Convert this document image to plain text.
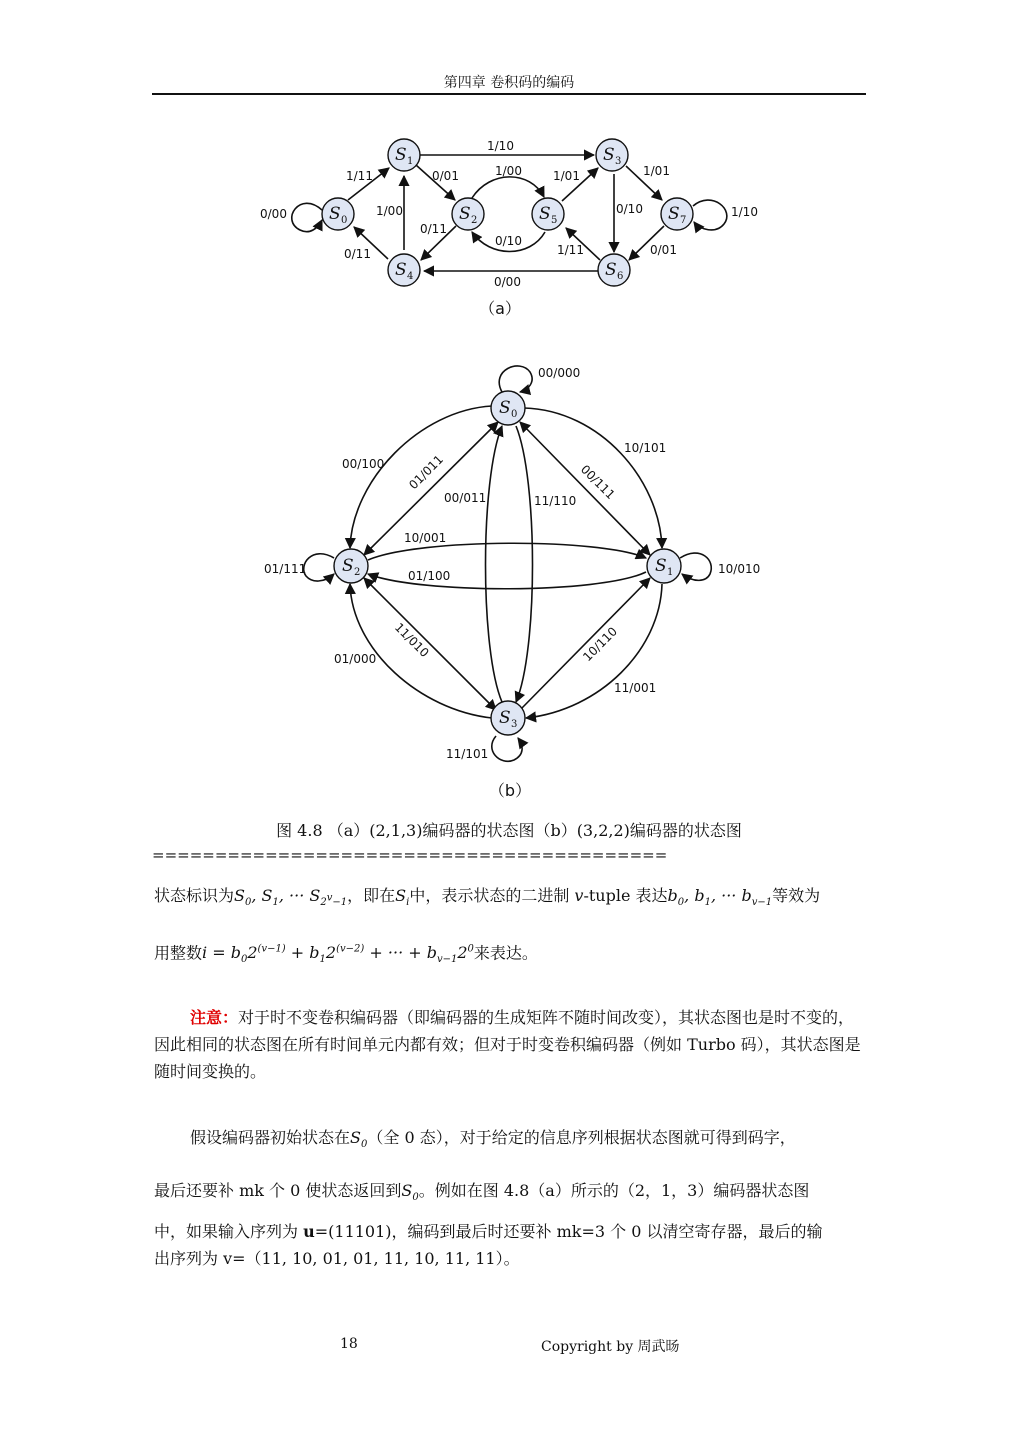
第四章 卷积码的编码
S 0
S 1
S 2
S 3
S 4
S 5
S 6
S 7
0/00
1/11	0/01
1/10
0/11
1/00
0/11
1/00
0/10
1/01	1/01
0/10	1/10
0/01
1/11
0/00
（a）
S 0
S 1
S 2
S 3
00/000
10/101
00/111
00/100 01/011
00/011	11/110
01/111	10/010
10/001
01/100
11/010
01/000	10/110
11/001
11/101
（b）
图 4.8 （a）(2,1,3)编码器的状态图（b）(3,2,2)编码器的状态图
=========================================
状态标识为$S_0$, $S_1$, ··· $S_{2^v-1}$，即在$S_i$中，表示状态的二进制 v-tuple 表达$b_0$, $b_1$, ··· $b_{v-1}$等效为
用整数$i = b_02^{(v-1)} + b_12^{(v-2)}$ + ··· + $b_{v-1}2^0$来表达。
注意：对于时不变卷积编码器（即编码器的生成矩阵不随时间改变），其状态图也是时不变的，因此相同的状态图在所有时间单元内都有效；但对于时变卷积编码器（例如 Turbo 码），其状态图是随时间变换的。
假设编码器初始状态在$S_0$（全 0 态），对于给定的信息序列根据状态图就可得到码字，
最后还要补 mk 个 0 使状态返回到$S_0$。例如在图 4.8（a）所示的（2，1，3）编码器状态图
中，如果输入序列为 u=(11101)，编码到最后时还要补 mk=3 个 0 以清空寄存器，最后的输
出序列为 v=（11, 10, 01, 01, 11, 10, 11, 11）。
18	Copyright by 周武旸
